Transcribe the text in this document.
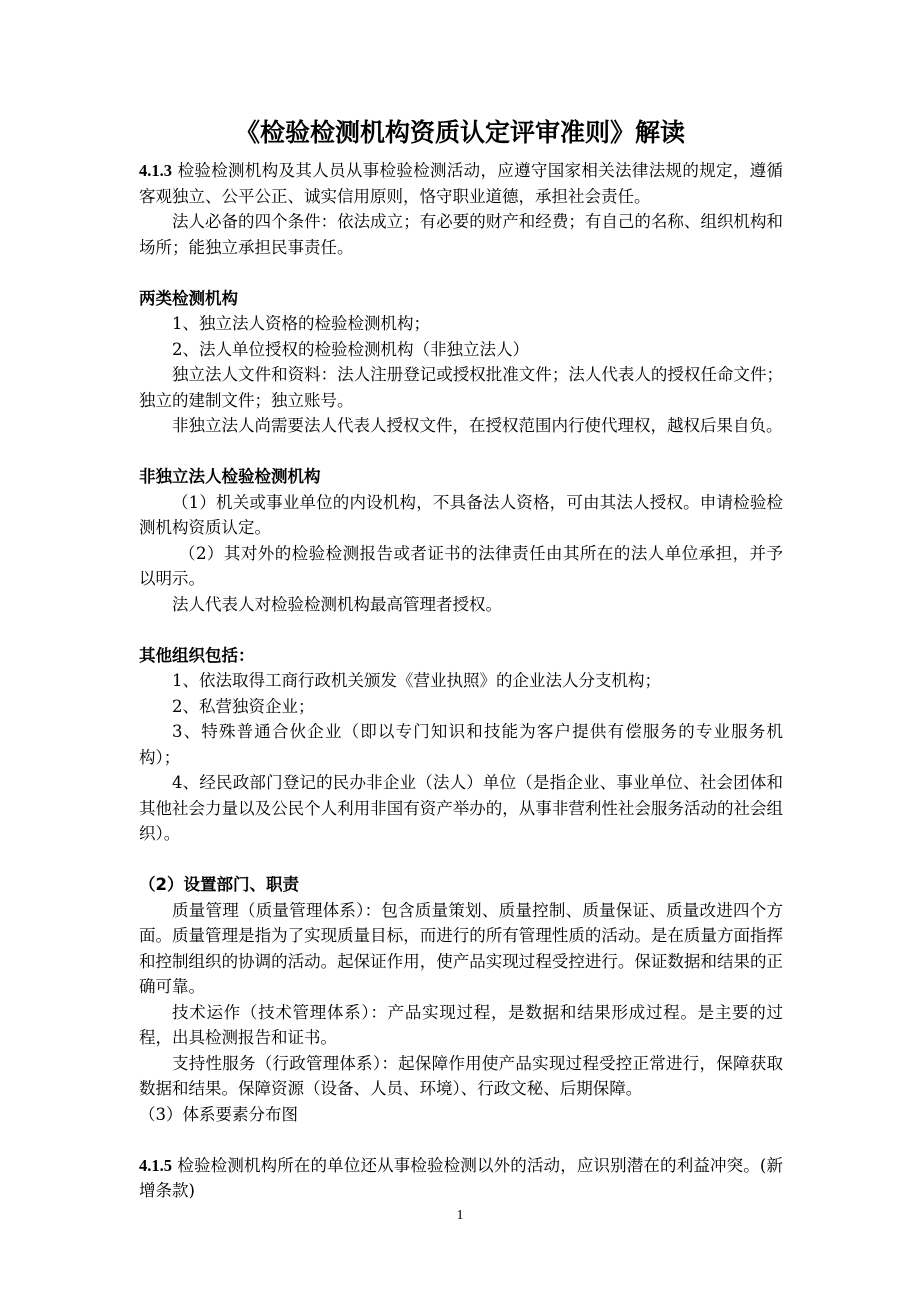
《检验检测机构资质认定评审准则》解读

4.1.3 检验检测机构及其人员从事检验检测活动，应遵守国家相关法律法规的规定，遵循客观独立、公平公正、诚实信用原则，恪守职业道德，承担社会责任。

法人必备的四个条件：依法成立；有必要的财产和经费；有自己的名称、组织机构和场所；能独立承担民事责任。

两类检测机构

1、独立法人资格的检验检测机构；

2、法人单位授权的检验检测机构（非独立法人）

独立法人文件和资料：法人注册登记或授权批准文件；法人代表人的授权任命文件；独立的建制文件；独立账号。

非独立法人尚需要法人代表人授权文件，在授权范围内行使代理权，越权后果自负。

非独立法人检验检测机构

（1）机关或事业单位的内设机构，不具备法人资格，可由其法人授权。申请检验检测机构资质认定。

（2）其对外的检验检测报告或者证书的法律责任由其所在的法人单位承担，并予以明示。

法人代表人对检验检测机构最高管理者授权。

其他组织包括：

1、依法取得工商行政机关颁发《营业执照》的企业法人分支机构；

2、私营独资企业；

3、特殊普通合伙企业（即以专门知识和技能为客户提供有偿服务的专业服务机构）；

4、经民政部门登记的民办非企业（法人）单位（是指企业、事业单位、社会团体和其他社会力量以及公民个人利用非国有资产举办的，从事非营利性社会服务活动的社会组织）。

（2）设置部门、职责

质量管理（质量管理体系）：包含质量策划、质量控制、质量保证、质量改进四个方面。质量管理是指为了实现质量目标，而进行的所有管理性质的活动。是在质量方面指挥和控制组织的协调的活动。起保证作用，使产品实现过程受控进行。保证数据和结果的正确可靠。

技术运作（技术管理体系）：产品实现过程，是数据和结果形成过程。是主要的过程，出具检测报告和证书。

支持性服务（行政管理体系）：起保障作用使产品实现过程受控正常进行，保障获取数据和结果。保障资源（设备、人员、环境）、行政文秘、后期保障。

（3）体系要素分布图

4.1.5 检验检测机构所在的单位还从事检验检测以外的活动，应识别潜在的利益冲突。(新增条款)

1
